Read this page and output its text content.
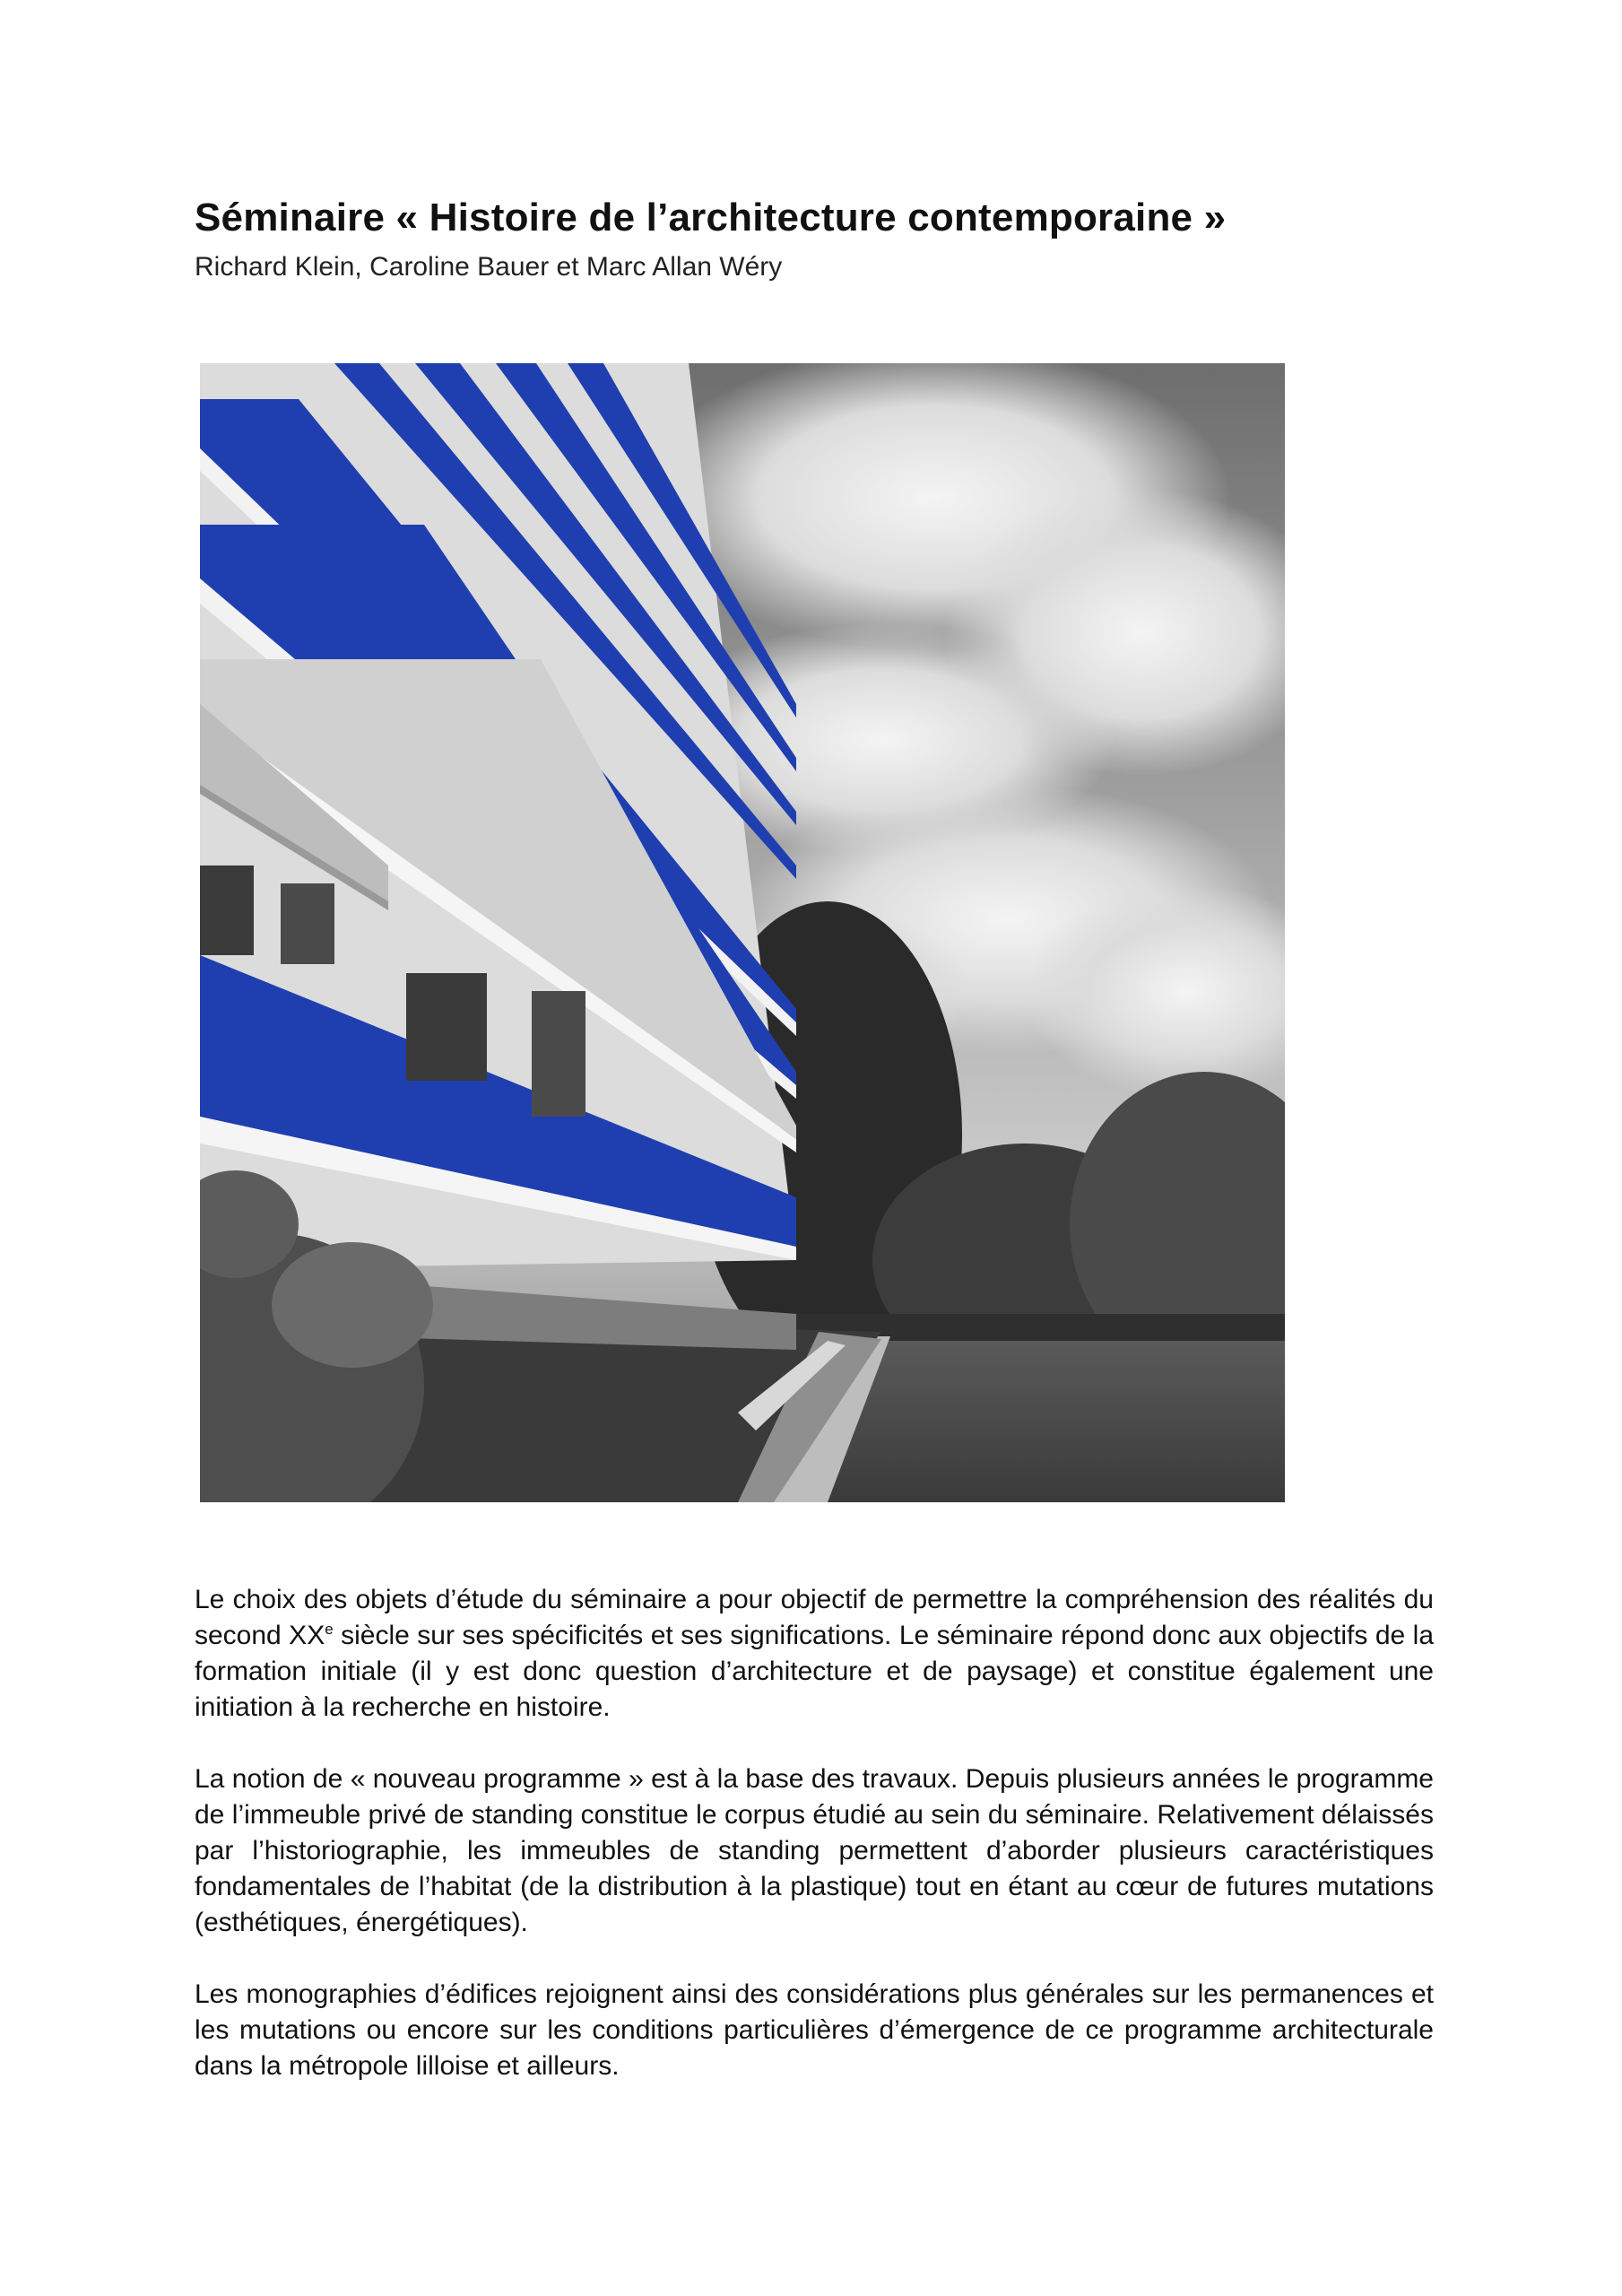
Séminaire « Histoire de l’architecture contemporaine »

Richard Klein, Caroline Bauer et Marc Allan Wéry

Le choix des objets d’étude du séminaire a pour objectif de permettre la compréhension des réalités du second XXe siècle sur ses spécificités et ses significations. Le séminaire répond donc aux objectifs de la formation initiale (il y est donc question d’architecture et de paysage) et constitue également une initiation à la recherche en histoire.

La notion de « nouveau programme » est à la base des travaux. Depuis plusieurs années le programme de l’immeuble privé de standing constitue le corpus étudié au sein du séminaire. Relativement délaissés par l’historiographie, les immeubles de standing permettent d’aborder plusieurs caractéristiques fondamentales de l’habitat (de la distribution à la plastique) tout en étant au cœur de futures mutations (esthétiques, énergétiques).

Les monographies d’édifices rejoignent ainsi des considérations plus générales sur les permanences et les mutations ou encore sur les conditions particulières d’émergence de ce programme architecturale dans la métropole lilloise et ailleurs.
